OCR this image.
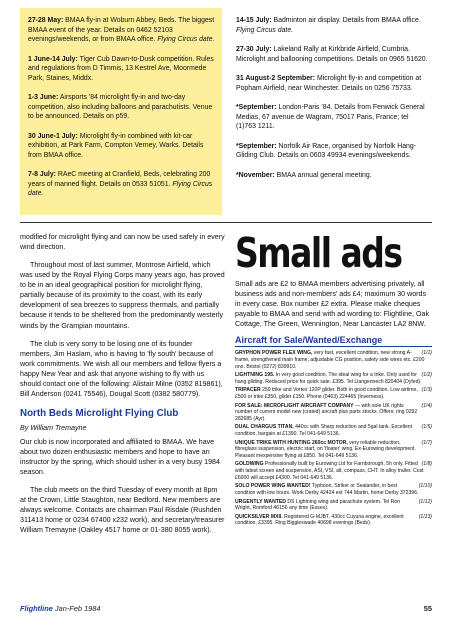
27-28 May: BMAA fly-in at Woburn Abbey, Beds. The biggest BMAA event of the year. Details on 0462 52103 evenings/weekends, or from BMAA office. Flying Circus date.
1 June-14 July: Tiger Cub Dawn-to-Dusk competition. Rules and regulations from D Timmis, 13 Kestrel Ave, Moormede Park, Staines, Middx.
1-3 June: Airsports '84 microlight fly-in and two-day competition, also including balloons and parachutists. Venue to be announced. Details on p59.
30 June-1 July: Microlight fly-in combined with kit-car exhibition, at Park Farm, Compton Verney, Warks. Details from BMAA office.
7-8 July: RAeC meeting at Cranfield, Beds, celebrating 200 years of manned flight. Details on 0533 51051. Flying Circus date.
14-15 July: Badminton air display. Details from BMAA office. Flying Circus date.
27-30 July: Lakeland Rally at Kirkbride Airfield, Cumbria. Microlight and ballooning competitions. Details on 0965 51620.
31 August-2 September: Microlight fly-in and competition at Popham Airfield, near Winchester. Details on 0256 75733.
*September: London-Paris '84. Details from Fenwick General Medias, 67 avenue de Wagram, 75017 Paris, France; tel (1)763 1211.
*September: Norfolk Air Race, organised by Norfolk Hang-Gliding Club. Details on 0603 49934 evenings/weekends.
*November: BMAA annual general meeting.

modified for microlight flying and can now be used safely in every wind direction.

Throughout most of last summer, Montrose Airfield, which was used by the Royal Flying Corps many years ago, has proved to be in an ideal geographical position for microlight flying, partially because of its proximity to the coast, with its early development of sea breezes to suppress thermals, and partially because it tends to be sheltered from the predominantly westerly winds by the Grampian mountains.

The club is very sorry to be losing one of its founder members, Jim Haslam, who is having to 'fly south' because of work commitments. We wish all our members and fellow flyers a happy New Year and ask that anyone wishing to fly with us should contact one of the following: Alistair Milne (0352 819861), Bill Anderson (0241 75546), Dougal Scott (0382 580779).

North Beds Microlight Flying Club
By William Tremayne

Our club is now incorporated and affiliated to BMAA. We have about two dozen enthusiastic members and hope to have an instructor by the spring, which should usher in a very busy 1984 season.

The club meets on the third Tuesday of every month at 8pm at the Crown, Little Staughton, near Bedford. New members are always welcome. Contacts are chairman Paul Risdale (Rushden 311413 home or 0234 67400 x232 work), and secretary/treasurer William Tremayne (Oakley 4517 home or 01-380 8055 work).

Small ads
Small ads are £2 to BMAA members advertising privately, all business ads and non-members' ads £4; maximum 30 words in every case. Box number £2 extra. Please make cheques payable to BMAA and send with ad wording to: Flightline, Oak Cottage, The Green, Wennington, Near Lancaster LA2 8NW.
Aircraft for Sale/Wanted/Exchange
(1/1)
GRYPHON POWER FLEX WING, very fast, excellent condition, new strong A-frame, strengthened main frame, adjustable CG position, safety side wires etc. £200 ono. Bristol (0272) 839910.
(1/2)
LIGHTNING 195. In very good condition. The ideal wing for a trike. Only used for hang gliding. Reduced price for quick sale. £395. Tel Llangennech 820404 (Dyfed).
(1/3)
TRIPACER 250 trike and Vortex 120P glider. Both in good condition. Low airtime, £500 or trike £350, glider £150. Phone (0463) 224465 (Inverness).
(1/4)
FOR SALE: MICROFLIGHT AIRCRAFT COMPANY — with sole UK rights number of current model new (crated) aircraft plus parts stocks. Offers: ring 0292 282685 (Ayr).
(1/5)
DUAL CHARGUS TITAN, 440cc with Sharp reduction and 5gal tank. Excellent condition, bargain at £1390. Tel 041-649 5136.
(1/7)
UNIQUE TRIKE WITH HUNTING 260cc MOTOR, very reliable reduction, fibreglass suspension, electric start, on 'floater' wing. Ex-Eurowing development. Pleasant inexpensive flying at £850. Tel 041-649 5136.
(1/8)
GOLDWING Professionally built by Eurowing Ltd for Farnborough, 5h only. Fitted with latest screen and suspension, ASI, VSI, alt, compass, CHT. In alloy trailer. Cost £6000 will accept £4300. Tel 041-649 5136.
(1/10)
SOLO POWER WING WANTED! Typhoon, Striker or Sealander, in best condition with low hours. Work Derby 42424 ext 744 Martin, home Derby 372396.
(1/12)
URGENTLY WANTED DS Lightning wing and parachute system. Tel Ron Wright, Romford 46156 any time (Essex).
(1/13)
QUICKSILVER MXII. Registered G-MJBT. 430cc Cuyuna engine, excellent condition, £3395. Ring Biggleswade 40698 evenings (Beds).
Flightline Jan-Feb 1984	55
